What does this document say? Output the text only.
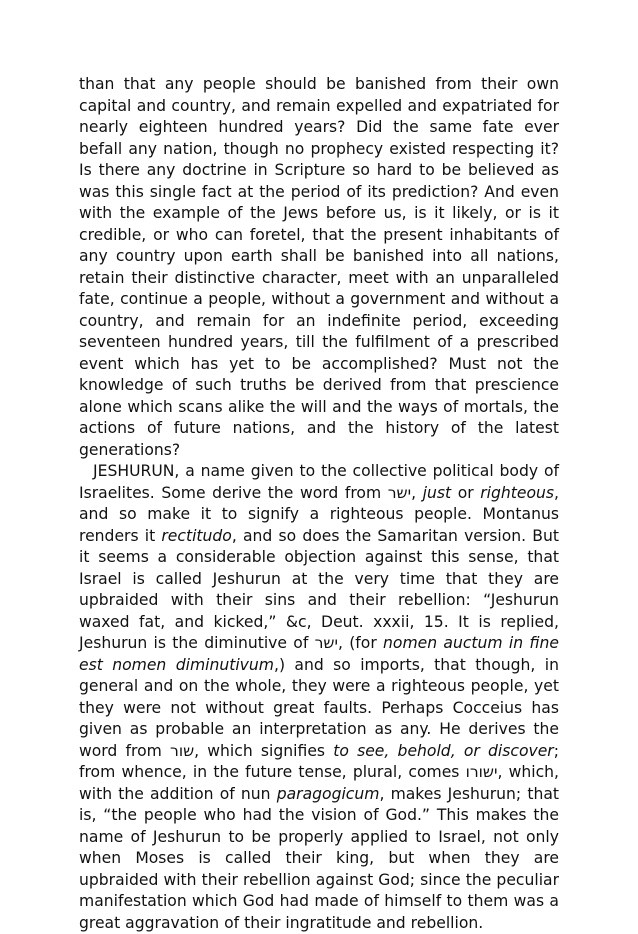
than that any people should be banished from their own capital and country, and remain expelled and expatriated for nearly eighteen hundred years? Did the same fate ever befall any nation, though no prophecy existed respecting it? Is there any doctrine in Scripture so hard to be believed as was this single fact at the period of its prediction? And even with the example of the Jews before us, is it likely, or is it credible, or who can foretel, that the present inhabitants of any country upon earth shall be banished into all nations, retain their distinctive character, meet with an unparalleled fate, continue a people, without a government and without a country, and remain for an indefinite period, exceeding seventeen hundred years, till the fulfilment of a prescribed event which has yet to be accomplished? Must not the knowledge of such truths be derived from that prescience alone which scans alike the will and the ways of mortals, the actions of future nations, and the history of the latest generations?

JESHURUN, a name given to the collective political body of Israelites. Some derive the word from ישר, just or righteous, and so make it to signify a righteous people. Montanus renders it rectitudo, and so does the Samaritan version. But it seems a considerable objection against this sense, that Israel is called Jeshurun at the very time that they are upbraided with their sins and their rebellion: “Jeshurun waxed fat, and kicked,” &c, Deut. xxxii, 15. It is replied, Jeshurun is the diminutive of ישר, (for nomen auctum in fine est nomen diminutivum,) and so imports, that though, in general and on the whole, they were a righteous people, yet they were not without great faults. Perhaps Cocceius has given as probable an interpretation as any. He derives the word from שור, which signifies to see, behold, or discover; from whence, in the future tense, plural, comes ישורו, which, with the addition of nun paragogicum, makes Jeshurun; that is, “the people who had the vision of God.” This makes the name of Jeshurun to be properly applied to Israel, not only when Moses is called their king, but when they are upbraided with their rebellion against God; since the peculiar manifestation which God had made of himself to them was a great aggravation of their ingratitude and rebellion.
